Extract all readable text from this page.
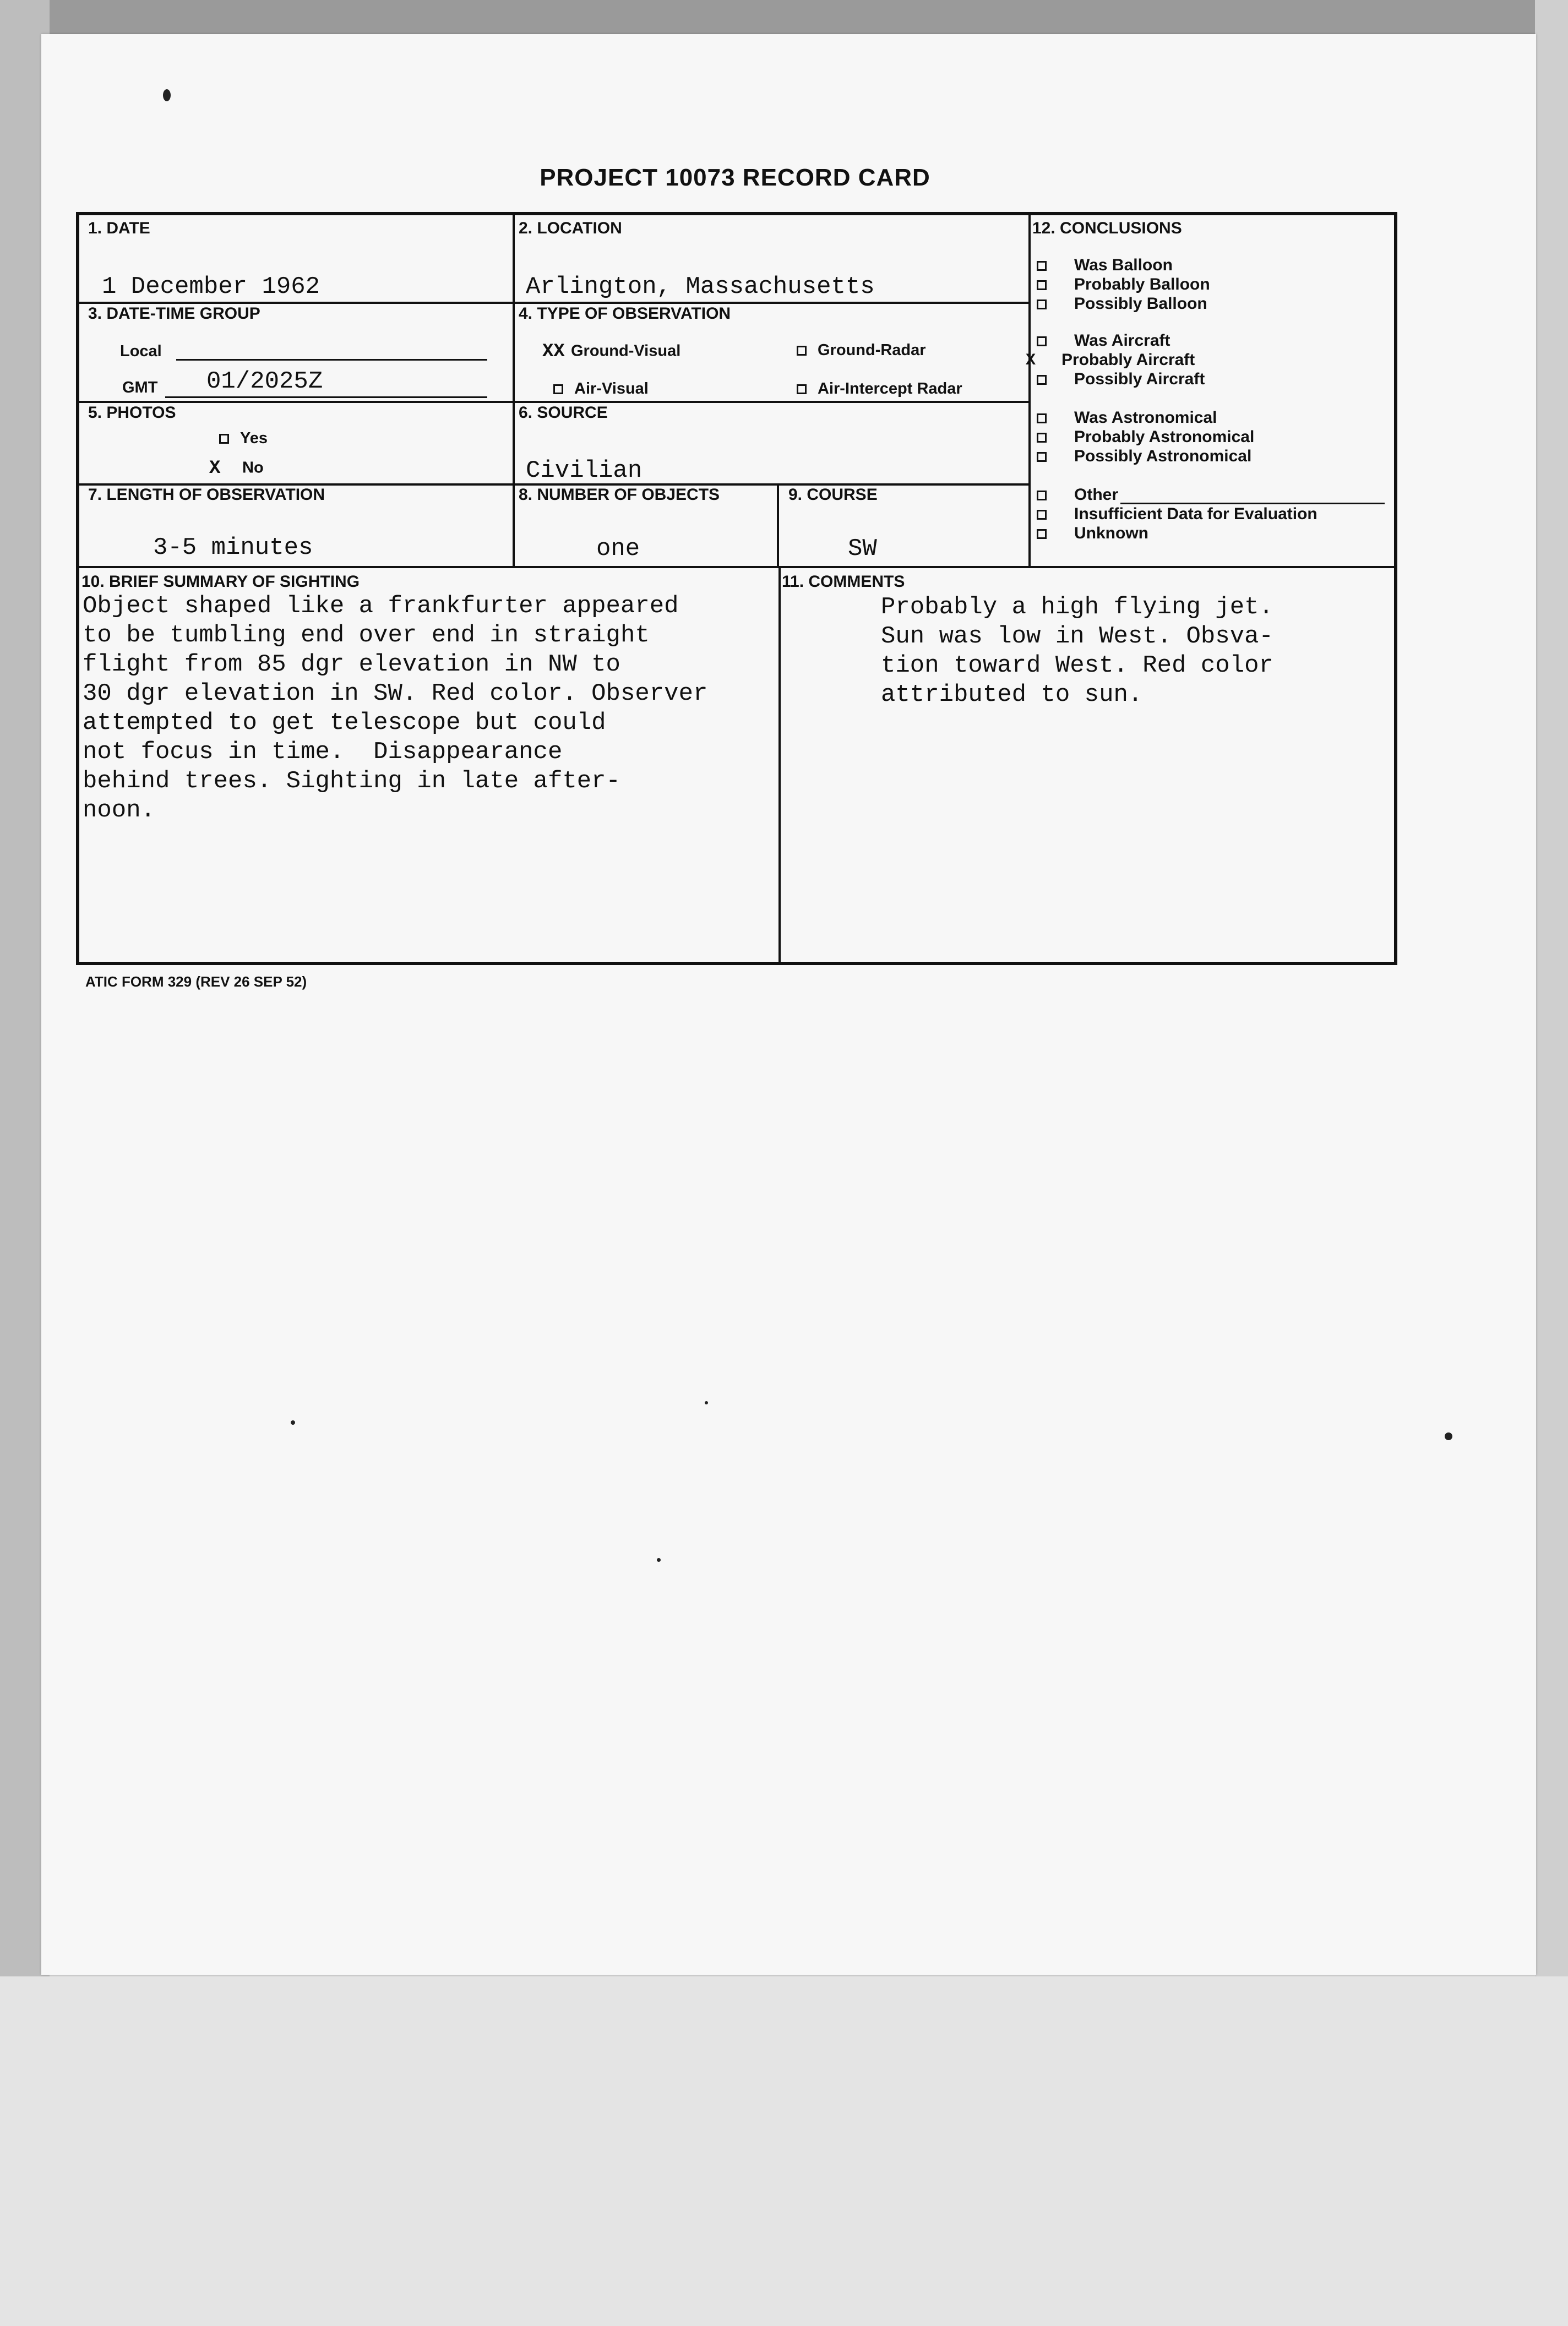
PROJECT 10073 RECORD CARD
1. DATE
1 December 1962
2. LOCATION
Arlington, Massachusetts
3. DATE-TIME GROUP
Local
GMT 01/2025Z
4. TYPE OF OBSERVATION
XX Ground-Visual	Ground-Radar
Air-Visual	Air-Intercept Radar
5. PHOTOS
Yes
X No
6. SOURCE
Civilian
7. LENGTH OF OBSERVATION
3-5 minutes
8. NUMBER OF OBJECTS
one
9. COURSE
SW
12. CONCLUSIONS
Was Balloon
Probably Balloon
Possibly Balloon
Was Aircraft
X Probably Aircraft
Possibly Aircraft
Was Astronomical
Probably Astronomical
Possibly Astronomical
Other
Insufficient Data for Evaluation
Unknown
10. BRIEF SUMMARY OF SIGHTING
Object shaped like a frankfurter appeared
to be tumbling end over end in straight
flight from 85 dgr elevation in NW to
30 dgr elevation in SW. Red color. Observer
attempted to get telescope but could
not focus in time.  Disappearance
behind trees. Sighting in late after-
noon.
11. COMMENTS
Probably a high flying jet.
Sun was low in West. Obsva-
tion toward West. Red color
attributed to sun.
ATIC FORM 329 (REV 26 SEP 52)
